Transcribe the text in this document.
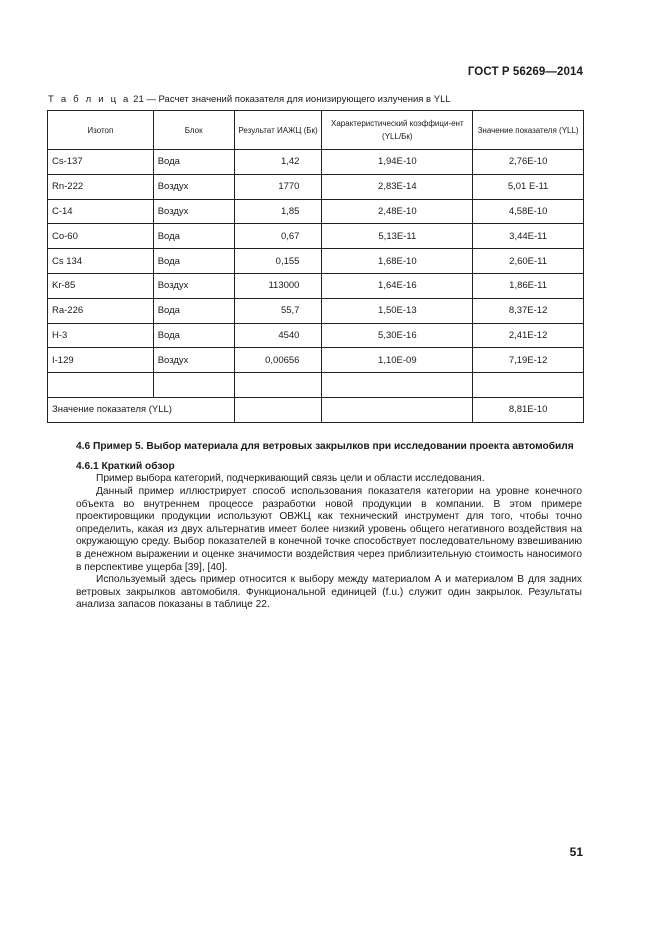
ГОСТ Р 56269—2014
Т а б л и ц а 21 — Расчет значений показателя для ионизирующего излучения в YLL
Изотоп	Блок	Результат ИАЖЦ (Бк)	Характеристический коэффици-ент (YLL/Бк)	Значение показателя (YLL)
Cs-137	Вода	1,42	1,94E-10	2,76E-10
Rn-222	Воздух	1770	2,83E-14	5,01 E-11
C-14	Воздух	1,85	2,48E-10	4,58E-10
Co-60	Вода	0,67	5,13E-11	3,44E-11
Cs 134	Вода	0,155	1,68E-10	2,60E-11
Kr-85	Воздух	113000	1,64E-16	1,86E-11
Ra-226	Вода	55,7	1,50E-13	8,37E-12
H-3	Вода	4540	5,30E-16	2,41E-12
I-129	Воздух	0,00656	1,10E-09	7,19E-12

Значение показателя (YLL)				8,81E-10

4.6 Пример 5. Выбор материала для ветровых закрылков при исследовании проекта автомобиля

4.6.1 Краткий обзор

Пример выбора категорий, подчеркивающий связь цели и области исследования.

Данный пример иллюстрирует способ использования показателя категории на уровне конечного объекта во внутреннем процессе разработки новой продукции в компании. В этом примере проектировщики продукции используют ОВЖЦ как технический инструмент для того, чтобы точно определить, какая из двух альтернатив имеет более низкий уровень общего негативного воздействия на окружающую среду. Выбор показателей в конечной точке способствует последовательному взвешиванию в денежном выражении и оценке значимости воздействия через приблизительную стоимость наносимого в перспективе ущерба [39], [40].

Используемый здесь пример относится к выбору между материалом А и материалом В для задних ветровых закрылков автомобиля. Функциональной единицей (f.u.) служит один закрылок. Результаты анализа запасов показаны в таблице 22.

51
